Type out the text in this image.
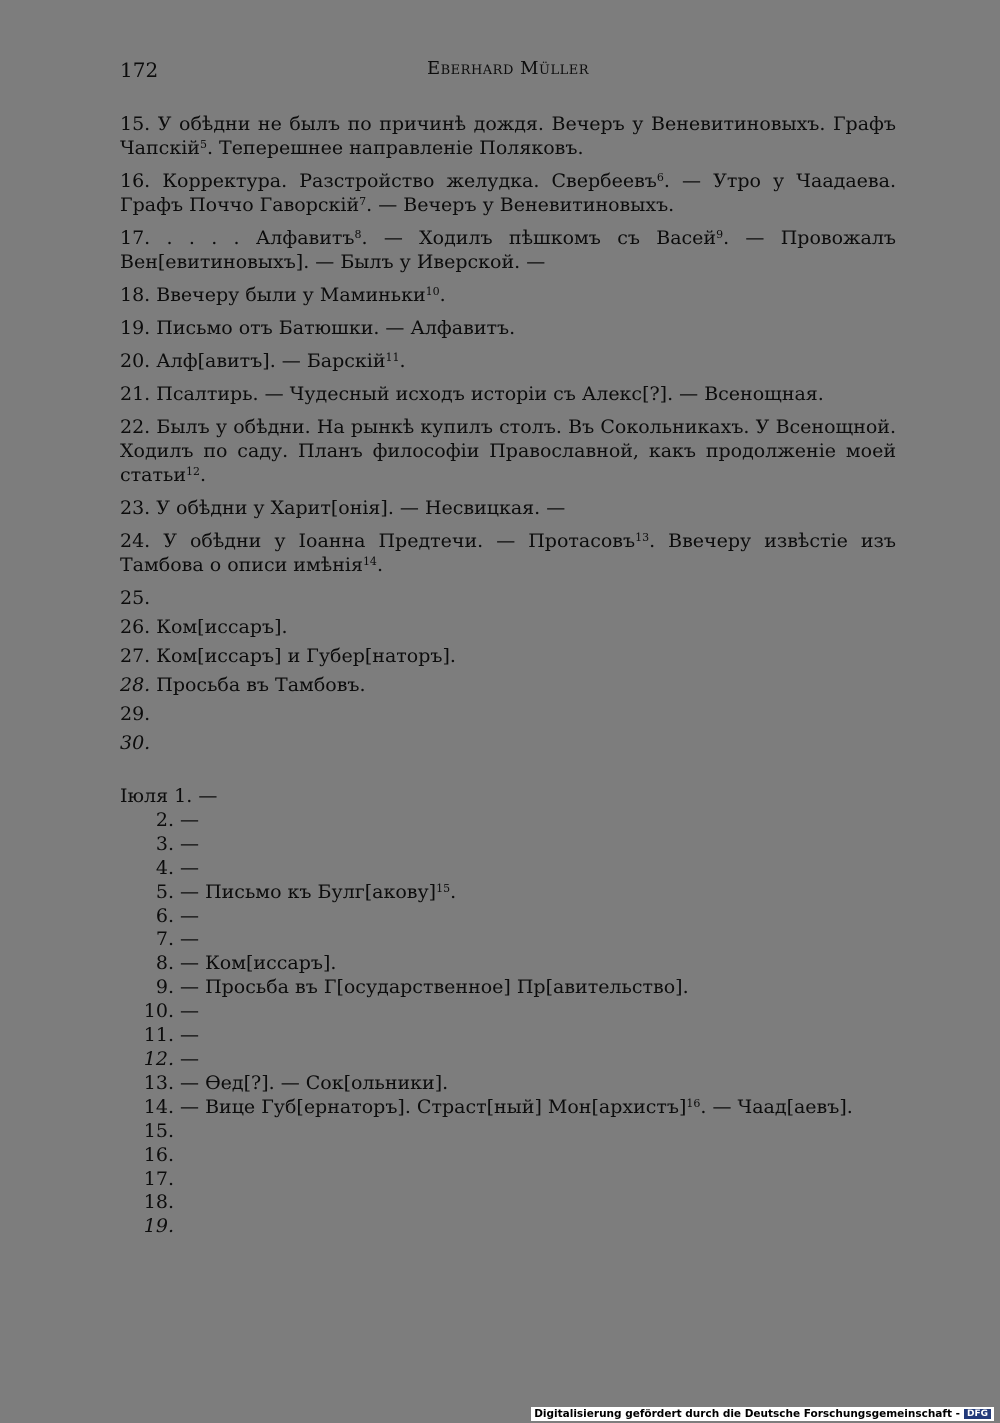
172	Eberhard Müller
15. У обѣдни не былъ по причинѣ дождя. Вечеръ у Веневитиновыхъ. Графъ Чапскій$^5$. Теперешнее направленіе Поляковъ.
16. Корректура. Разстройство желудка. Свербеевъ$^6$. — Утро у Чаадаева. Графъ Поччо Гаворскій$^7$. — Вечеръ у Веневитиновыхъ.
17. . . . . Алфавитъ$^8$. — Ходилъ пѣшкомъ съ Васей$^9$. — Провожалъ Вен[евитиновыхъ]. — Былъ у Иверской. —
18. Ввечеру были у Маминьки$^{10}$.
19. Письмо отъ Батюшки. — Алфавитъ.
20. Алф[авитъ]. — Барскій$^{11}$.
21. Псалтирь. — Чудесный исходъ исторіи съ Алекс[?]. — Всенощная.
22. Былъ у обѣдни. На рынкѣ купилъ столъ. Въ Сокольникахъ. У Всенощной. Ходилъ по саду. Планъ философіи Православной, какъ продолженіе моей статьи$^{12}$.
23. У обѣдни у Харит[онія]. — Несвицкая. —
24. У обѣдни у Іоанна Предтечи. — Протасовъ$^{13}$. Ввечеру извѣстіе изъ Тамбова о описи имѣнія$^{14}$.
25.
26. Ком[иссаръ].
27. Ком[иссаръ] и Губер[наторъ].
28. Просьба въ Тамбовъ.
29.
30.
Іюля 1. —
2. —
3. —
4. —
5. — Письмо къ Булг[акову]$^{15}$.
6. —
7. —
8. — Ком[иссаръ].
9. — Просьба въ Г[осударственное] Пр[авительство].
10. —
11. —
12. —
13. — Ѳед[?]. — Сок[ольники].
14. — Вице Губ[ернаторъ]. Страст[ный] Мон[архистъ]$^{16}$. — Чаад[аевъ].
15.
16.
17.
18.
19.
Digitalisierung gefördert durch die Deutsche Forschungsgemeinschaft - DFG
